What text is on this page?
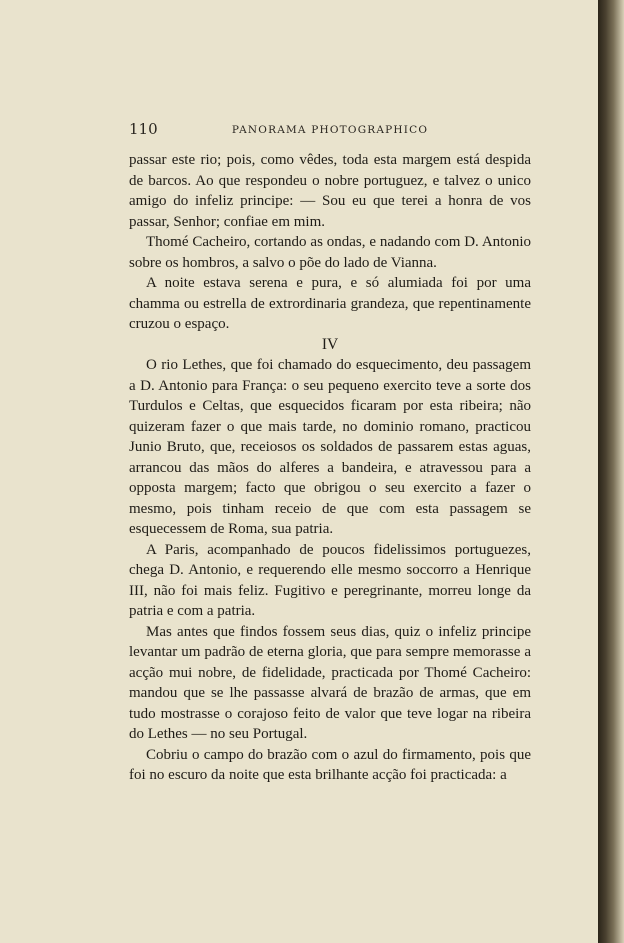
110	PANORAMA PHOTOGRAPHICO

passar este rio; pois, como vêdes, toda esta margem está despida de barcos. Ao que respondeu o nobre portuguez, e talvez o unico amigo do infeliz principe: — Sou eu que terei a honra de vos passar, Senhor; confiae em mim.

Thomé Cacheiro, cortando as ondas, e nadando com D. Antonio sobre os hombros, a salvo o põe do lado de Vianna.

A noite estava serena e pura, e só alumiada foi por uma chamma ou estrella de extrordinaria grandeza, que repentinamente cruzou o espaço.

IV

O rio Lethes, que foi chamado do esquecimento, deu passagem a D. Antonio para França: o seu pequeno exercito teve a sorte dos Turdulos e Celtas, que esquecidos ficaram por esta ribeira; não quizeram fazer o que mais tarde, no dominio romano, practicou Junio Bruto, que, receiosos os soldados de passarem estas aguas, arrancou das mãos do alferes a bandeira, e atravessou para a opposta margem; facto que obrigou o seu exercito a fazer o mesmo, pois tinham receio de que com esta passagem se esquecessem de Roma, sua patria.

A Paris, acompanhado de poucos fidelissimos portuguezes, chega D. Antonio, e requerendo elle mesmo soccorro a Henrique III, não foi mais feliz. Fugitivo e peregrinante, morreu longe da patria e com a patria.

Mas antes que findos fossem seus dias, quiz o infeliz principe levantar um padrão de eterna gloria, que para sempre memorasse a acção mui nobre, de fidelidade, practicada por Thomé Cacheiro: mandou que se lhe passasse alvará de brazão de armas, que em tudo mostrasse o corajoso feito de valor que teve logar na ribeira do Lethes — no seu Portugal.

Cobriu o campo do brazão com o azul do firmamento, pois que foi no escuro da noite que esta brilhante acção foi practicada: a
